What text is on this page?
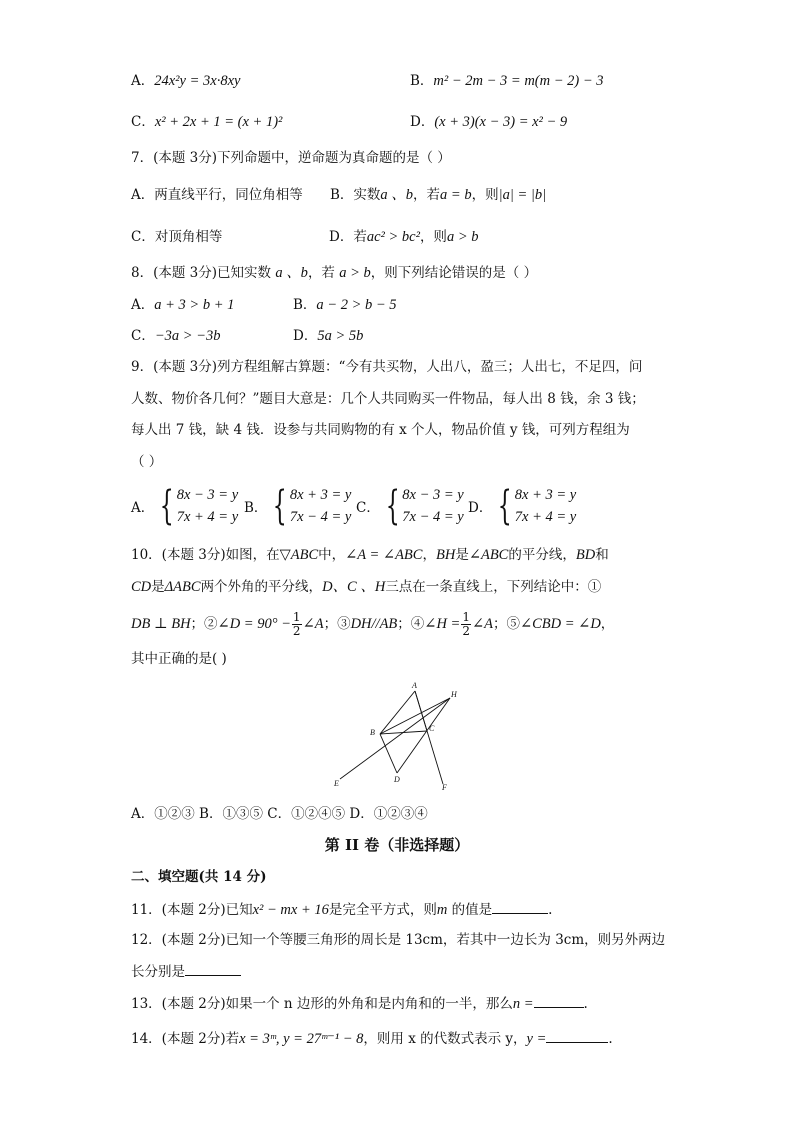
A．24x²y = 3x·8xy	B．m² − 2m − 3 = m(m − 2) − 3
C．x² + 2x + 1 = (x + 1)²	D．(x + 3)(x − 3) = x² − 9
7．(本题 3分)下列命题中，逆命题为真命题的是（ ）
A．两直线平行，同位角相等 B．实数a 、b，若a = b，则|a| = |b|
C．对顶角相等	D．若ac² > bc²，则a > b
8．(本题 3分)已知实数 a 、b，若 a > b，则下列结论错误的是（ ）
A．a + 3 > b + 1	B．a − 2 > b − 5
C．−3a > −3b	D．5a > 5b
9．(本题 3分)列方程组解古算题：“今有共买物，人出八，盈三；人出七，不足四，问
人数、物价各几何？”题目大意是：几个人共同购买一件物品，每人出 8 钱，余 3 钱；
每人出 7 钱，缺 4 钱．设参与共同购物的有 x 个人，物品价值 y 钱，可列方程组为
（ ）
A． { 8x − 3 = y
7x + 4 = y
B． { 8x + 3 = y
7x − 4 = y
C． { 8x − 3 = y
7x − 4 = y
D． { 8x + 3 = y
7x + 4 = y
10．(本题 3分)如图，在▽ABC中，∠A = ∠ABC，BH是∠ABC的平分线，BD和
CD是ΔABC两个外角的平分线，D、C 、H三点在一条直线上，下列结论中：①
DB ⊥ BH；②∠D = $90^\circ - \frac{1}{2}$ ∠A；③DH//AB；④∠H = $\frac{1}{2}$ ∠A；⑤∠CBD = ∠D，
其中正确的是( )
A
H
B	C
D
E	F
A．①②③ B．①③⑤ C．①②④⑤ D．①②③④
第 II 卷（非选择题）
二、填空题(共 14 分)
11．(本题 2分)已知x² − mx + 16是完全平方式，则m 的值是	.
12．(本题 2分)已知一个等腰三角形的周长是 13cm，若其中一边长为 3cm，则另外两边
长分别是
13．(本题 2分)如果一个 n 边形的外角和是内角和的一半，那么n =	.
14．(本题 2分)若x = 3ᵐ, y = 27ᵐ⁻¹ − 8，则用 x 的代数式表示 y，y =	.
